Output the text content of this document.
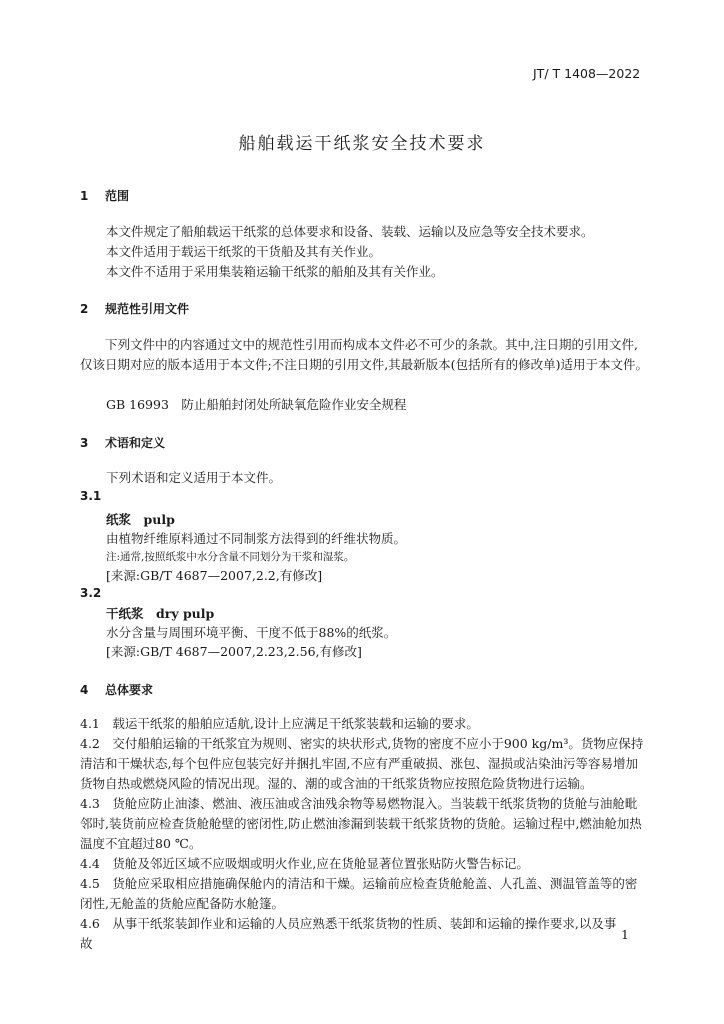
JT/ T 1408—2022
船舶载运干纸浆安全技术要求
1 范围
本文件规定了船舶载运干纸浆的总体要求和设备、装载、运输以及应急等安全技术要求。
本文件适用于载运干纸浆的干货船及其有关作业。
本文件不适用于采用集装箱运输干纸浆的船舶及其有关作业。
2 规范性引用文件
下列文件中的内容通过文中的规范性引用而构成本文件必不可少的条款。其中,注日期的引用文件,仅该日期对应的版本适用于本文件;不注日期的引用文件,其最新版本(包括所有的修改单)适用于本文件。
GB 16993　防止船舶封闭处所缺氧危险作业安全规程
3 术语和定义
下列术语和定义适用于本文件。
3.1
纸浆　pulp
由植物纤维原料通过不同制浆方法得到的纤维状物质。
注:通常,按照纸浆中水分含量不同划分为干浆和湿浆。
[来源:GB/T 4687—2007,2.2,有修改]
3.2
干纸浆　dry pulp
水分含量与周围环境平衡、干度不低于88%的纸浆。
[来源:GB/T 4687—2007,2.23,2.56,有修改]
4 总体要求
4.1　载运干纸浆的船舶应适航,设计上应满足干纸浆装载和运输的要求。
4.2　交付船舶运输的干纸浆宜为规则、密实的块状形式,货物的密度不应小于900 kg/m³。货物应保持清洁和干燥状态,每个包件应包装完好并捆扎牢固,不应有严重破损、涨包、湿损或沾染油污等容易增加货物自热或燃烧风险的情况出现。湿的、潮的或含油的干纸浆货物应按照危险货物进行运输。
4.3　货舱应防止油漆、燃油、液压油或含油残余物等易燃物混入。当装载干纸浆货物的货舱与油舱毗邻时,装货前应检查货舱舱壁的密闭性,防止燃油渗漏到装载干纸浆货物的货舱。运输过程中,燃油舱加热温度不宜超过80 ℃。
4.4　货舱及邻近区域不应吸烟或明火作业,应在货舱显著位置张贴防火警告标记。
4.5　货舱应采取相应措施确保舱内的清洁和干燥。运输前应检查货舱舱盖、人孔盖、测温管盖等的密闭性,无舱盖的货舱应配备防水舱篷。
4.6　从事干纸浆装卸作业和运输的人员应熟悉干纸浆货物的性质、装卸和运输的操作要求,以及事故
1
